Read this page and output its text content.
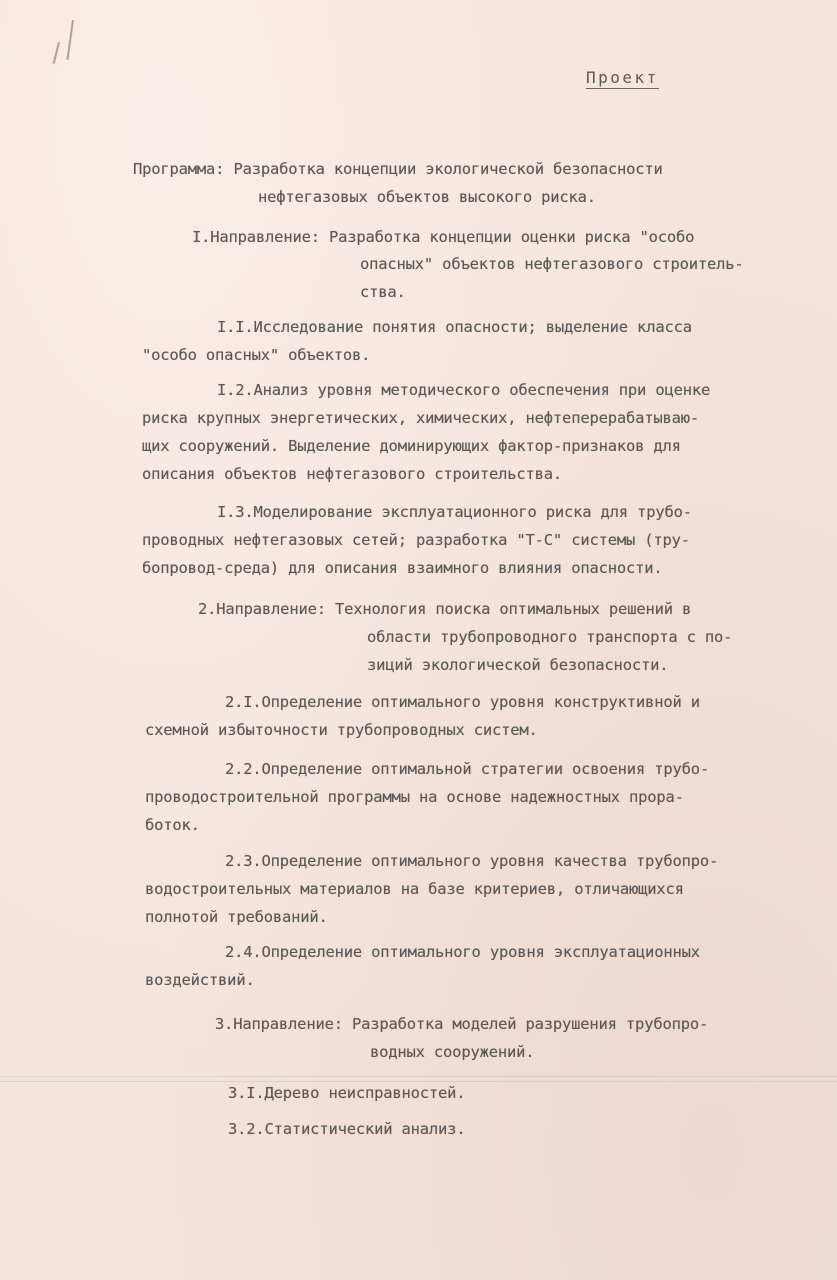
Проект
Программа: Разработка концепции экологической безопасности
нефтегазовых объектов высокого риска.
I.Направление: Разработка концепции оценки риска "особо
опасных" объектов нефтегазового строитель-
ства.
I.I.Исследование понятия опасности; выделение класса
"особо опасных" объектов.
I.2.Анализ уровня методического обеспечения при оценке
риска крупных энергетических, химических, нефтеперерабатываю-
щих сооружений. Выделение доминирующих фактор-признаков для
описания объектов нефтегазового строительства.
I.3.Моделирование эксплуатационного риска для трубо-
проводных нефтегазовых сетей; разработка "Т-С" системы (тру-
бопровод-среда) для описания взаимного влияния опасности.
2.Направление: Технология поиска оптимальных решений в
области трубопроводного транспорта с по-
зиций экологической безопасности.
2.I.Определение оптимального уровня конструктивной и
схемной избыточности трубопроводных систем.
2.2.Определение оптимальной стратегии освоения трубо-
проводостроительной программы на основе надежностных прора-
боток.
2.3.Определение оптимального уровня качества трубопро-
водостроительных материалов на базе критериев, отличающихся
полнотой требований.
2.4.Определение оптимального уровня эксплуатационных
воздействий.
3.Направление: Разработка моделей разрушения трубопро-
водных сооружений.
3.I.Дерево неисправностей.
3.2.Статистический анализ.
